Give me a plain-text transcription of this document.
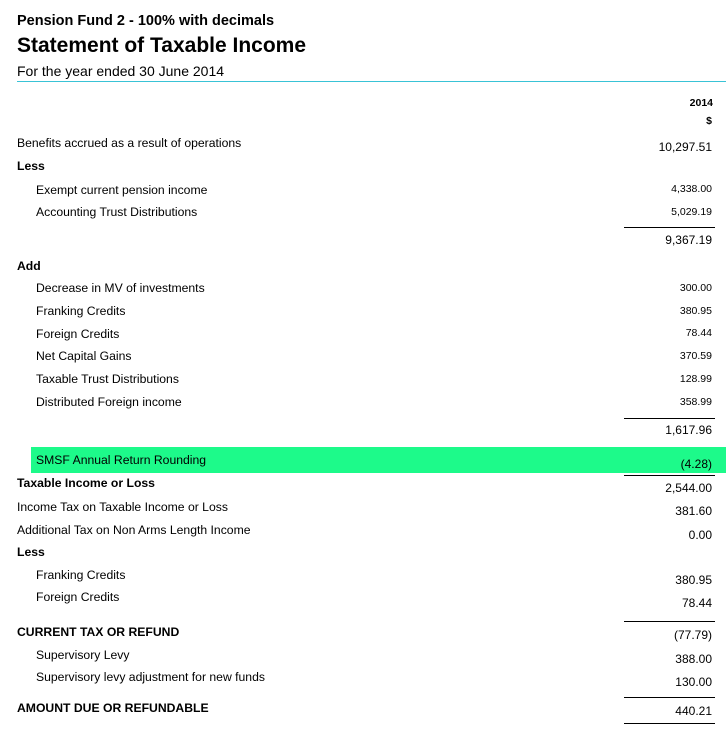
Pension Fund 2 - 100% with decimals
Statement of Taxable Income
For the year ended 30 June 2014
2014
$
Benefits accrued as a result of operations	10,297.51
Less
Exempt current pension income	4,338.00
Accounting Trust Distributions	5,029.19
9,367.19
Add
Decrease in MV of investments	300.00
Franking Credits	380.95
Foreign Credits	78.44
Net Capital Gains	370.59
Taxable Trust Distributions	128.99
Distributed Foreign income	358.99
1,617.96
SMSF Annual Return Rounding	(4.28)
Taxable Income or Loss	2,544.00
Income Tax on Taxable Income or Loss	381.60
Additional Tax on Non Arms Length Income	0.00
Less
Franking Credits	380.95
Foreign Credits	78.44
CURRENT TAX OR REFUND	(77.79)
Supervisory Levy	388.00
Supervisory levy adjustment for new funds	130.00
AMOUNT DUE OR REFUNDABLE	440.21
